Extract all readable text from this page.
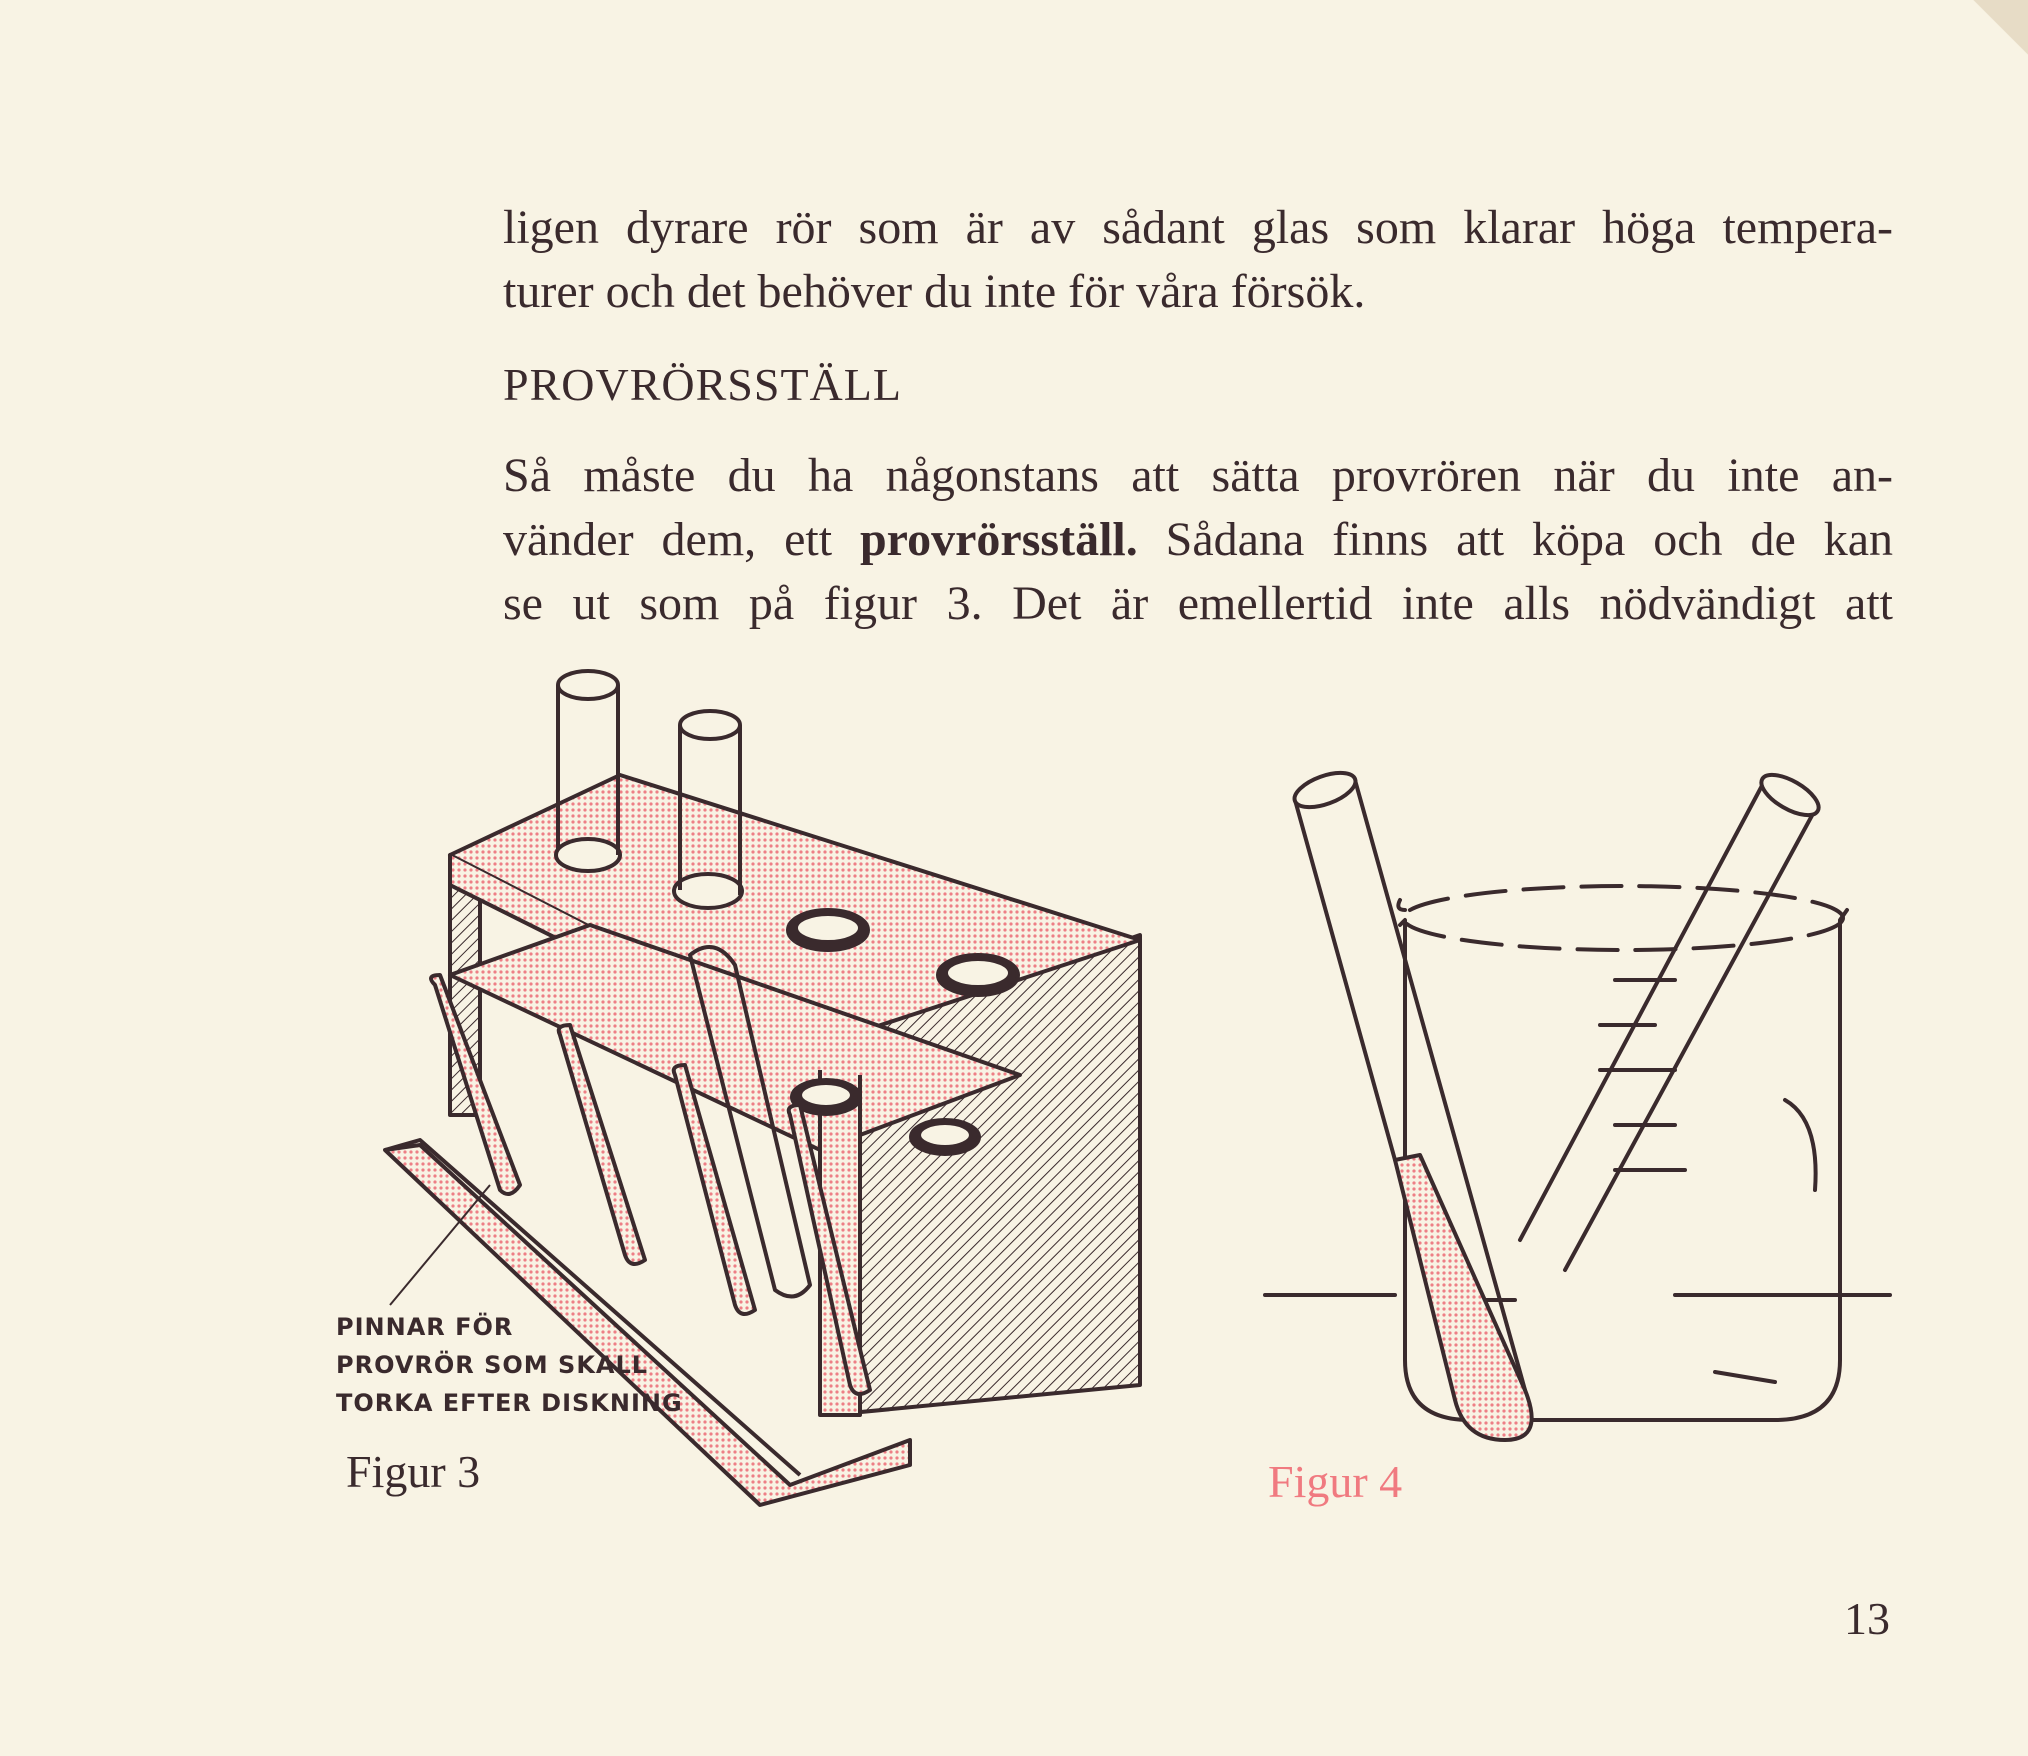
ligen dyrare rör som är av sådant glas som klarar höga tempera-
turer och det behöver du inte för våra försök.
PROVRÖRSSTÄLL
Så måste du ha någonstans att sätta provrören när du inte an-
vänder dem, ett provrörsställ. Sådana finns att köpa och de kan
se ut som på figur 3. Det är emellertid inte alls nödvändigt att
PINNAR FÖR
PROVRÖR SOM SKALL
TORKA EFTER DISKNING
Figur 3	Figur 4
13
